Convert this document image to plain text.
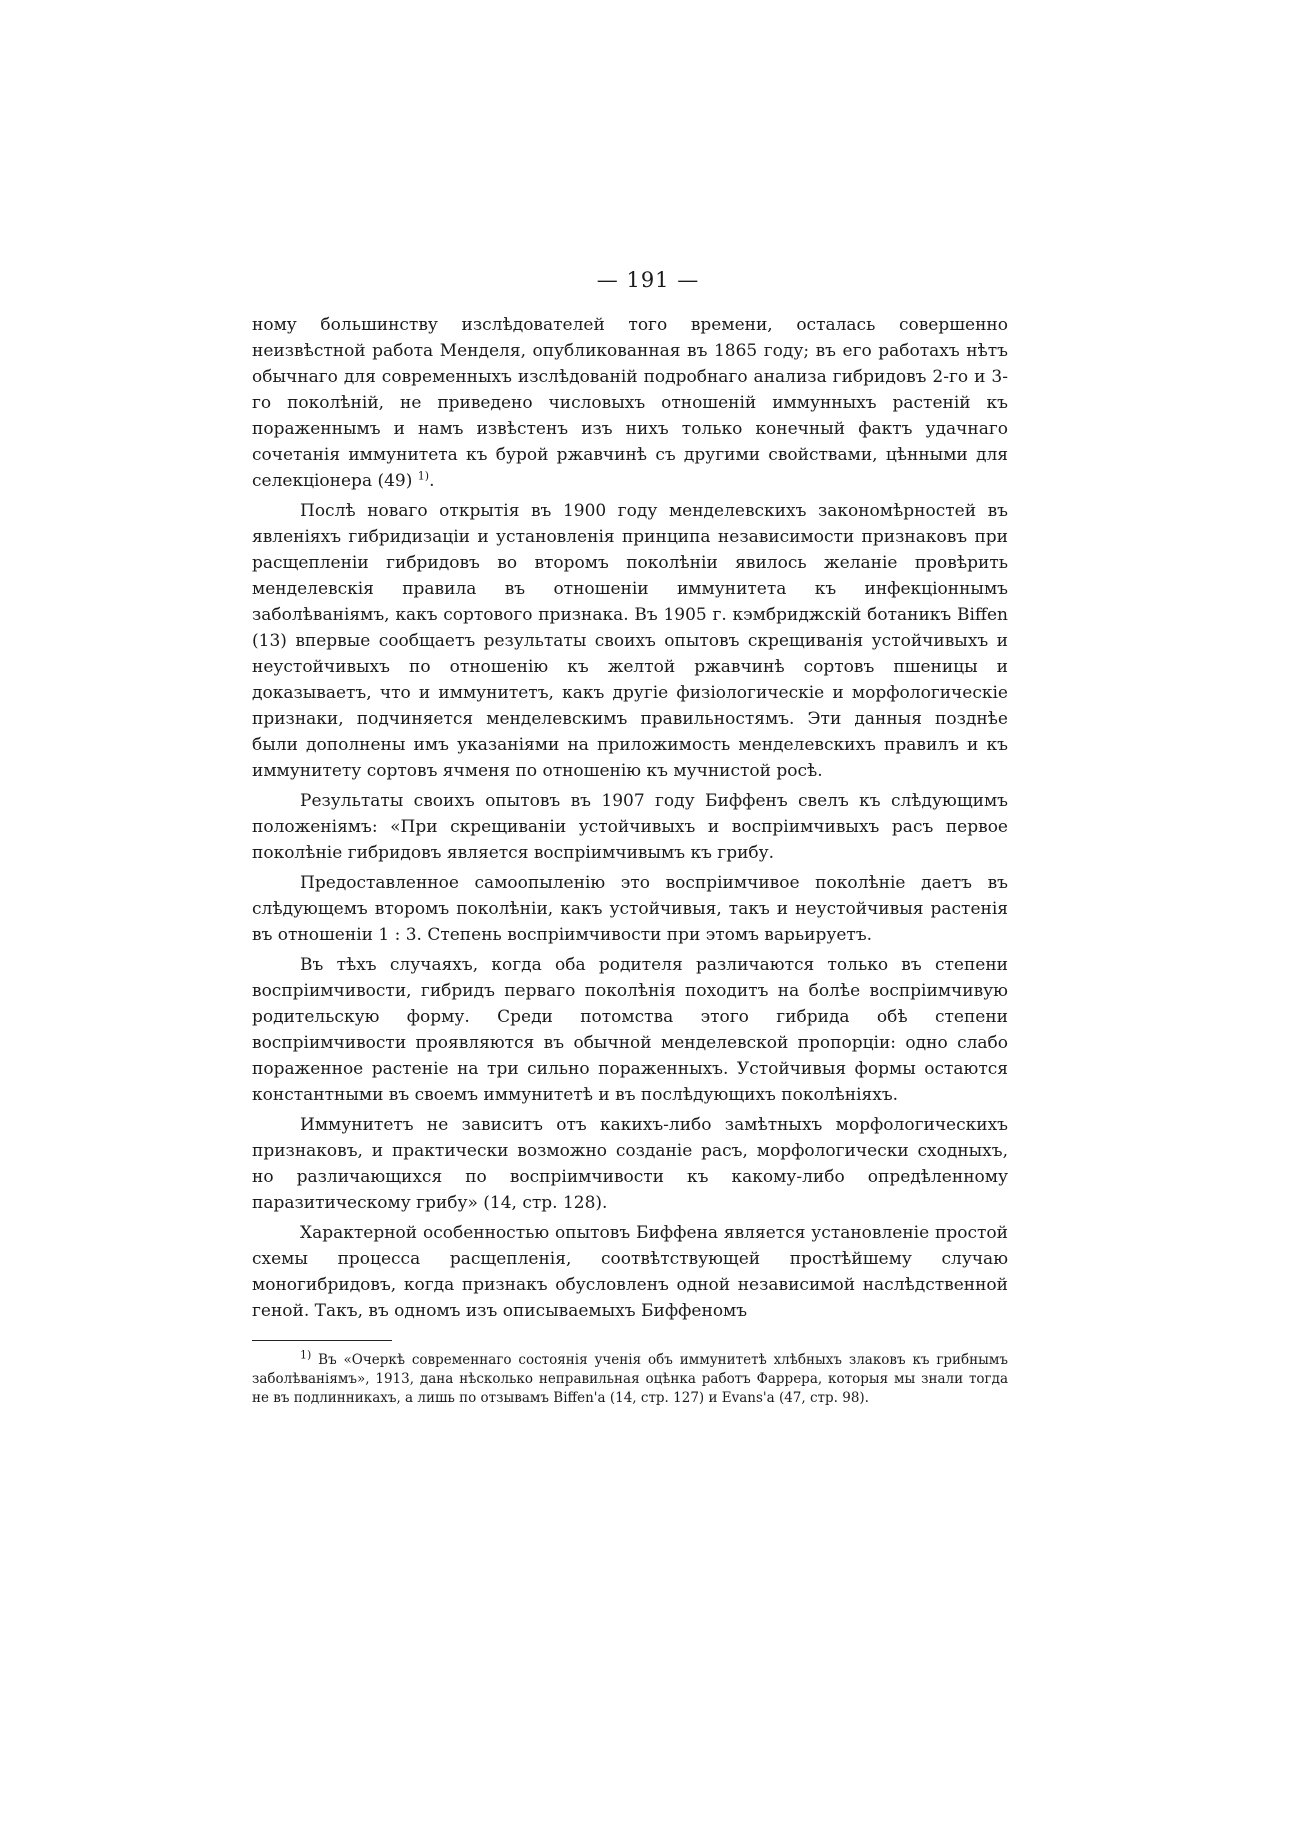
— 191 —

ному большинству изслѣдователей того времени, осталась совершенно неизвѣстной работа Менделя, опубликованная въ 1865 году; въ его работахъ нѣтъ обычнаго для современныхъ изслѣдованій подробнаго анализа гибридовъ 2-го и 3-го поколѣній, не приведено числовыхъ отношеній иммунныхъ растеній къ пораженнымъ и намъ извѣстенъ изъ нихъ только конечный фактъ удачнаго сочетанія иммунитета къ бурой ржавчинѣ съ другими свойствами, цѣнными для селекціонера (49) $^{1)}$.

Послѣ новаго открытія въ 1900 году менделевскихъ закономѣрностей въ явленіяхъ гибридизаціи и установленія принципа независимости признаковъ при расщепленіи гибридовъ во второмъ поколѣніи явилось желаніе провѣрить менделевскія правила въ отношеніи иммунитета къ инфекціоннымъ заболѣваніямъ, какъ сортового признака. Въ 1905 г. кэмбриджскій ботаникъ Biffen (13) впервые сообщаетъ результаты своихъ опытовъ скрещиванія устойчивыхъ и неустойчивыхъ по отношенію къ желтой ржавчинѣ сортовъ пшеницы и доказываетъ, что и иммунитетъ, какъ другіе физіологическіе и морфологическіе признаки, подчиняется менделевскимъ правильностямъ. Эти данныя позднѣе были дополнены имъ указаніями на приложимость менделевскихъ правилъ и къ иммунитету сортовъ ячменя по отношенію къ мучнистой росѣ.

Результаты своихъ опытовъ въ 1907 году Биффенъ свелъ къ слѣдующимъ положеніямъ: «При скрещиваніи устойчивыхъ и воспріимчивыхъ расъ первое поколѣніе гибридовъ является воспріимчивымъ къ грибу.

Предоставленное самоопыленію это воспріимчивое поколѣніе даетъ въ слѣдующемъ второмъ поколѣніи, какъ устойчивыя, такъ и неустойчивыя растенія въ отношеніи 1 : 3. Степень воспріимчивости при этомъ варьируетъ.

Въ тѣхъ случаяхъ, когда оба родителя различаются только въ степени воспріимчивости, гибридъ перваго поколѣнія походитъ на болѣе воспріимчивую родительскую форму. Среди потомства этого гибрида обѣ степени воспріимчивости проявляются въ обычной менделевской пропорціи: одно слабо пораженное растеніе на три сильно пораженныхъ. Устойчивыя формы остаются константными въ своемъ иммунитетѣ и въ послѣдующихъ поколѣніяхъ.

Иммунитетъ не зависитъ отъ какихъ-либо замѣтныхъ морфологическихъ признаковъ, и практически возможно созданіе расъ, морфологически сходныхъ, но различающихся по воспріимчивости къ какому-либо опредѣленному паразитическому грибу» (14, стр. 128).

Характерной особенностью опытовъ Биффена является установленіе простой схемы процесса расщепленія, соотвѣтствующей простѣйшему случаю моногибридовъ, когда признакъ обусловленъ одной независимой наслѣдственной геной. Такъ, въ одномъ изъ описываемыхъ Биффеномъ

$^{1)}$ Въ «Очеркѣ современнаго состоянія ученія объ иммунитетѣ хлѣбныхъ злаковъ къ грибнымъ заболѣваніямъ», 1913, дана нѣсколько неправильная оцѣнка работъ Фаррера, которыя мы знали тогда не въ подлинникахъ, а лишь по отзывамъ Biffen'a (14, стр. 127) и Evans'a (47, стр. 98).
